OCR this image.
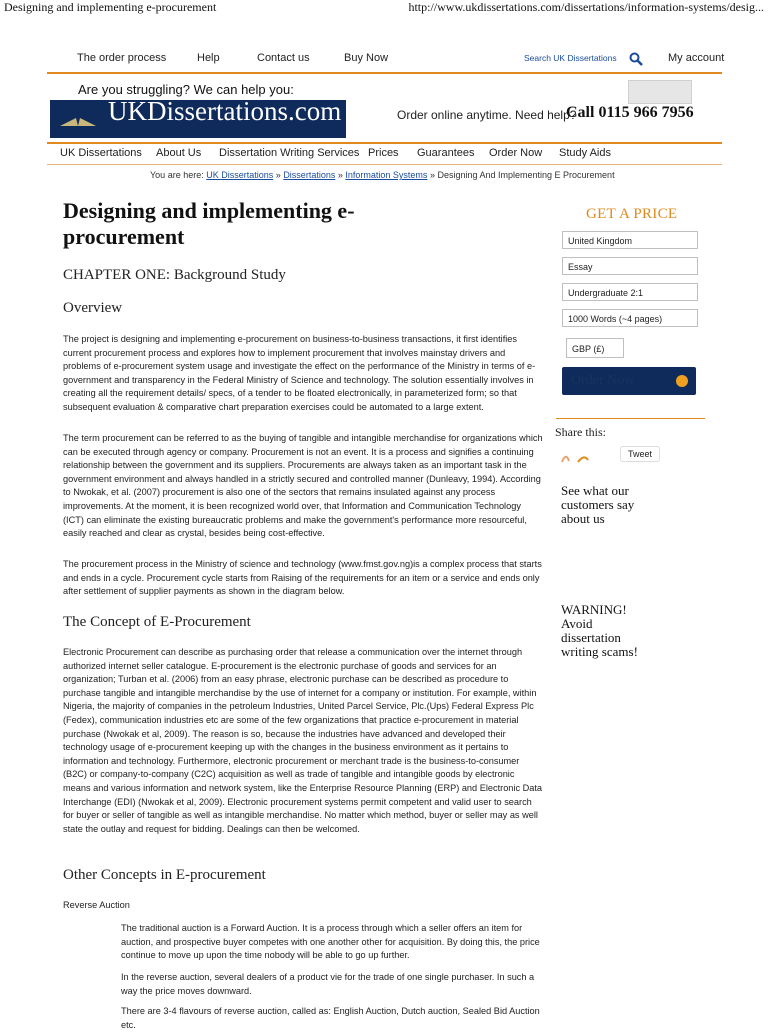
Designing and implementing e-procurement	http://www.ukdissertations.com/dissertations/information-systems/desig...
The order process	Help	Contact us	Buy Now	Search UK Dissertations	My account
Are you struggling? We can help you:
UKDissertations.com	Order online anytime. Need help?
Call 0115 966 7956
UK Dissertations About Us Dissertation Writing Services Prices Guarantees Order Now Study Aids
You are here: UK Dissertations » Dissertations » Information Systems » Designing And Implementing E Procurement
Designing and implementing e-procurement
CHAPTER ONE: Background Study
Overview

The project is designing and implementing e-procurement on business-to-business transactions, it first identifies current procurement process and explores how to implement procurement that involves mainstay drivers and problems of e-procurement system usage and investigate the effect on the performance of the Ministry in terms of e-government and transparency in the Federal Ministry of Science and technology. The solution essentially involves in creating all the requirement details/ specs, of a tender to be floated electronically, in parameterized form; so that subsequent evaluation & comparative chart preparation exercises could be automated to a large extent.

The term procurement can be referred to as the buying of tangible and intangible merchandise for organizations which can be executed through agency or company. Procurement is not an event. It is a process and signifies a continuing relationship between the government and its suppliers. Procurements are always taken as an important task in the government environment and always handled in a strictly secured and controlled manner (Dunleavy, 1994). According to Nwokak, et al. (2007) procurement is also one of the sectors that remains insulated against any process improvements. At the moment, it is been recognized world over, that Information and Communication Technology (ICT) can eliminate the existing bureaucratic problems and make the government's performance more resourceful, easily reached and clear as crystal, besides being cost-effective.

The procurement process in the Ministry of science and technology (www.fmst.gov.ng)is a complex process that starts and ends in a cycle. Procurement cycle starts from Raising of the requirements for an item or a service and ends only after settlement of supplier payments as shown in the diagram below.

The Concept of E-Procurement

Electronic Procurement can describe as purchasing order that release a communication over the internet through authorized internet seller catalogue. E-procurement is the electronic purchase of goods and services for an organization; Turban et al. (2006) from an easy phrase, electronic purchase can be described as procedure to purchase tangible and intangible merchandise by the use of internet for a company or institution. For example, within Nigeria, the majority of companies in the petroleum Industries, United Parcel Service, Plc.(Ups) Federal Express Plc (Fedex), communication industries etc are some of the few organizations that practice e-procurement in material purchase (Nwokak et al, 2009). The reason is so, because the industries have advanced and developed their technology usage of e-procurement keeping up with the changes in the business environment as it pertains to information and technology. Furthermore, electronic procurement or merchant trade is the business-to-consumer (B2C) or company-to-company (C2C) acquisition as well as trade of tangible and intangible goods by electronic means and various information and network system, like the Enterprise Resource Planning (ERP) and Electronic Data Interchange (EDI) (Nwokak et al, 2009). Electronic procurement systems permit competent and valid user to search for buyer or seller of tangible as well as intangible merchandise. No matter which method, buyer or seller may as well state the outlay and request for bidding. Dealings can then be welcomed.

Other Concepts in E-procurement
Reverse Auction

The traditional auction is a Forward Auction. It is a process through which a seller offers an item for auction, and prospective buyer competes with one another other for acquisition. By doing this, the price continue to move up upon the time nobody will be able to go up further.

In the reverse auction, several dealers of a product vie for the trade of one single purchaser. In such a way the price moves downward.

There are 3-4 flavours of reverse auction, called as: English Auction, Dutch auction, Sealed Bid Auction etc.

GET A PRICE
United Kingdom
Essay
Undergraduate 2:1
1000 Words (~4 pages)
GBP (£)
Order Now
Share this:
Tweet
See what our customers say about us
WARNING! Avoid dissertation writing scams!
